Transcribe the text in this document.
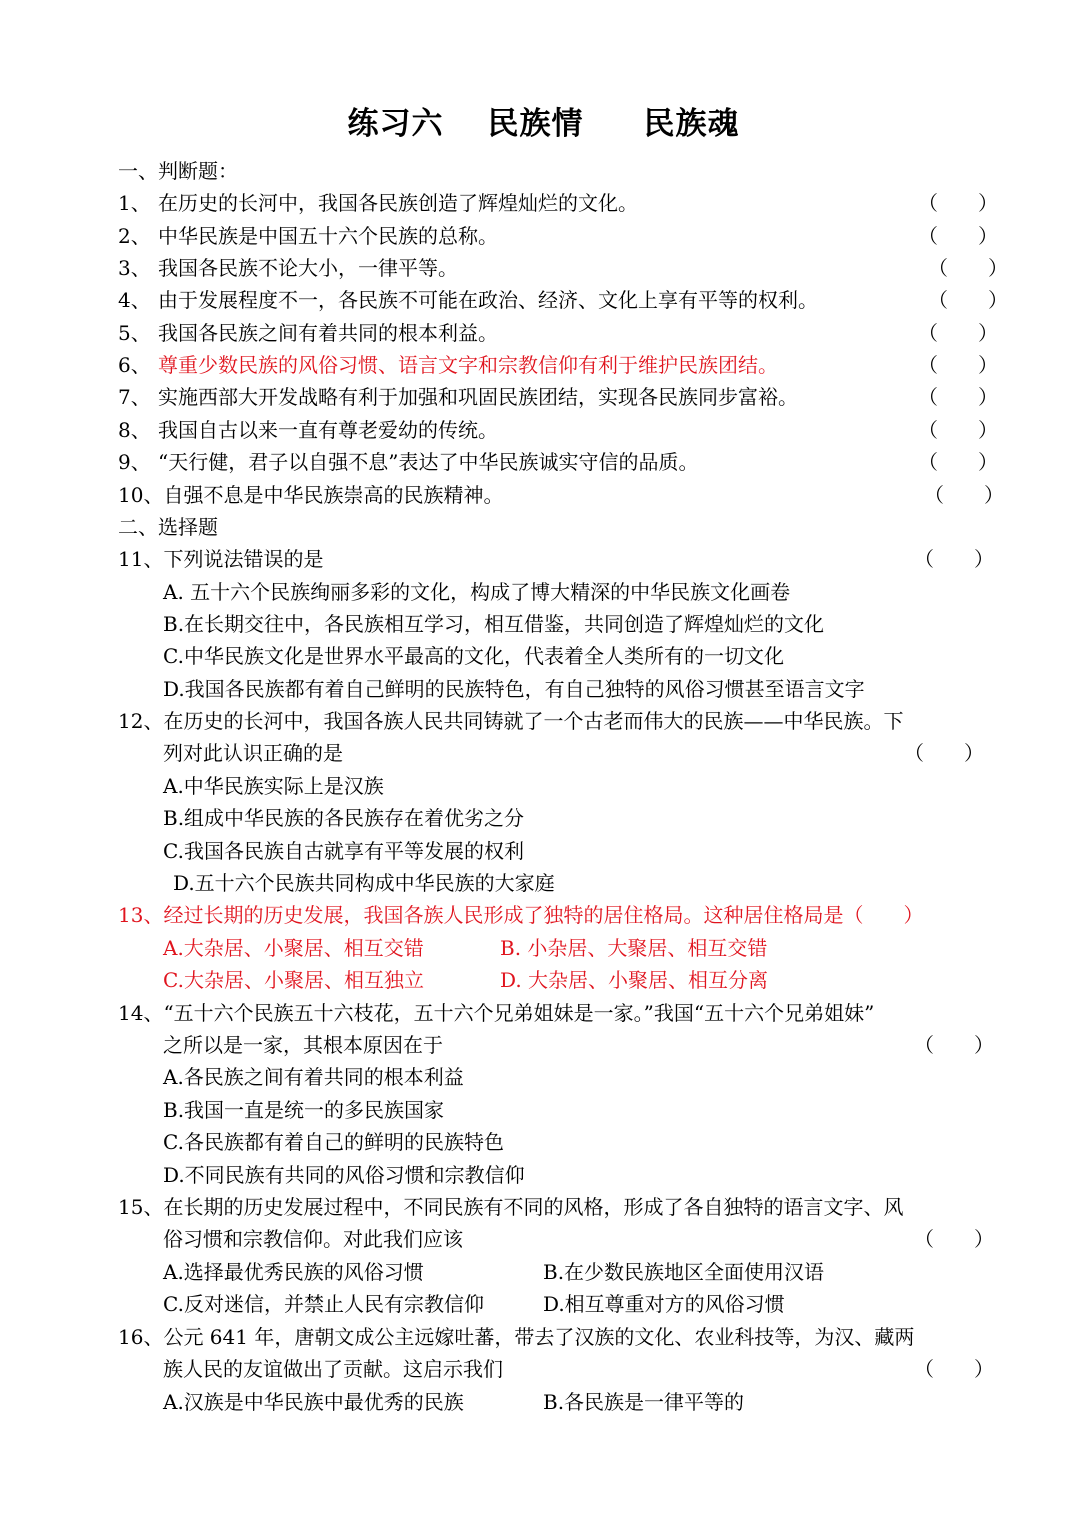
练习六 民族情 民族魂
一、判断题：
1、 在历史的长河中，我国各民族创造了辉煌灿烂的文化。	（　　）
2、 中华民族是中国五十六个民族的总称。	（　　）
3、 我国各民族不论大小，一律平等。	（　　）
4、 由于发展程度不一，各民族不可能在政治、经济、文化上享有平等的权利。	（　　）
5、 我国各民族之间有着共同的根本利益。	（　　）
6、 尊重少数民族的风俗习惯、语言文字和宗教信仰有利于维护民族团结。	（　　）
7、 实施西部大开发战略有利于加强和巩固民族团结，实现各民族同步富裕。	（　　）
8、 我国自古以来一直有尊老爱幼的传统。	（　　）
9、 “天行健，君子以自强不息”表达了中华民族诚实守信的品质。	（　　）
10、自强不息是中华民族崇高的民族精神。	（　　）
二、选择题
11、下列说法错误的是	（　　）
A. 五十六个民族绚丽多彩的文化，构成了博大精深的中华民族文化画卷
B.在长期交往中，各民族相互学习，相互借鉴，共同创造了辉煌灿烂的文化
C.中华民族文化是世界水平最高的文化，代表着全人类所有的一切文化
D.我国各民族都有着自己鲜明的民族特色，有自己独特的风俗习惯甚至语言文字
12、在历史的长河中，我国各族人民共同铸就了一个古老而伟大的民族——中华民族。下
列对此认识正确的是	（　　）
A.中华民族实际上是汉族
B.组成中华民族的各民族存在着优劣之分
C.我国各民族自古就享有平等发展的权利
D.五十六个民族共同构成中华民族的大家庭
13、经过长期的历史发展，我国各族人民形成了独特的居住格局。这种居住格局是（　　）
A.大杂居、小聚居、相互交错	B. 小杂居、大聚居、相互交错
C.大杂居、小聚居、相互独立	D. 大杂居、小聚居、相互分离
14、“五十六个民族五十六枝花，五十六个兄弟姐妹是一家。”我国“五十六个兄弟姐妹”
之所以是一家，其根本原因在于	（　　）
A.各民族之间有着共同的根本利益
B.我国一直是统一的多民族国家
C.各民族都有着自己的鲜明的民族特色
D.不同民族有共同的风俗习惯和宗教信仰
15、在长期的历史发展过程中，不同民族有不同的风格，形成了各自独特的语言文字、风
俗习惯和宗教信仰。对此我们应该	（　　）
A.选择最优秀民族的风俗习惯	B.在少数民族地区全面使用汉语
C.反对迷信，并禁止人民有宗教信仰	D.相互尊重对方的风俗习惯
16、公元 641 年，唐朝文成公主远嫁吐蕃，带去了汉族的文化、农业科技等，为汉、藏两
族人民的友谊做出了贡献。这启示我们	（　　）
A.汉族是中华民族中最优秀的民族	B.各民族是一律平等的
